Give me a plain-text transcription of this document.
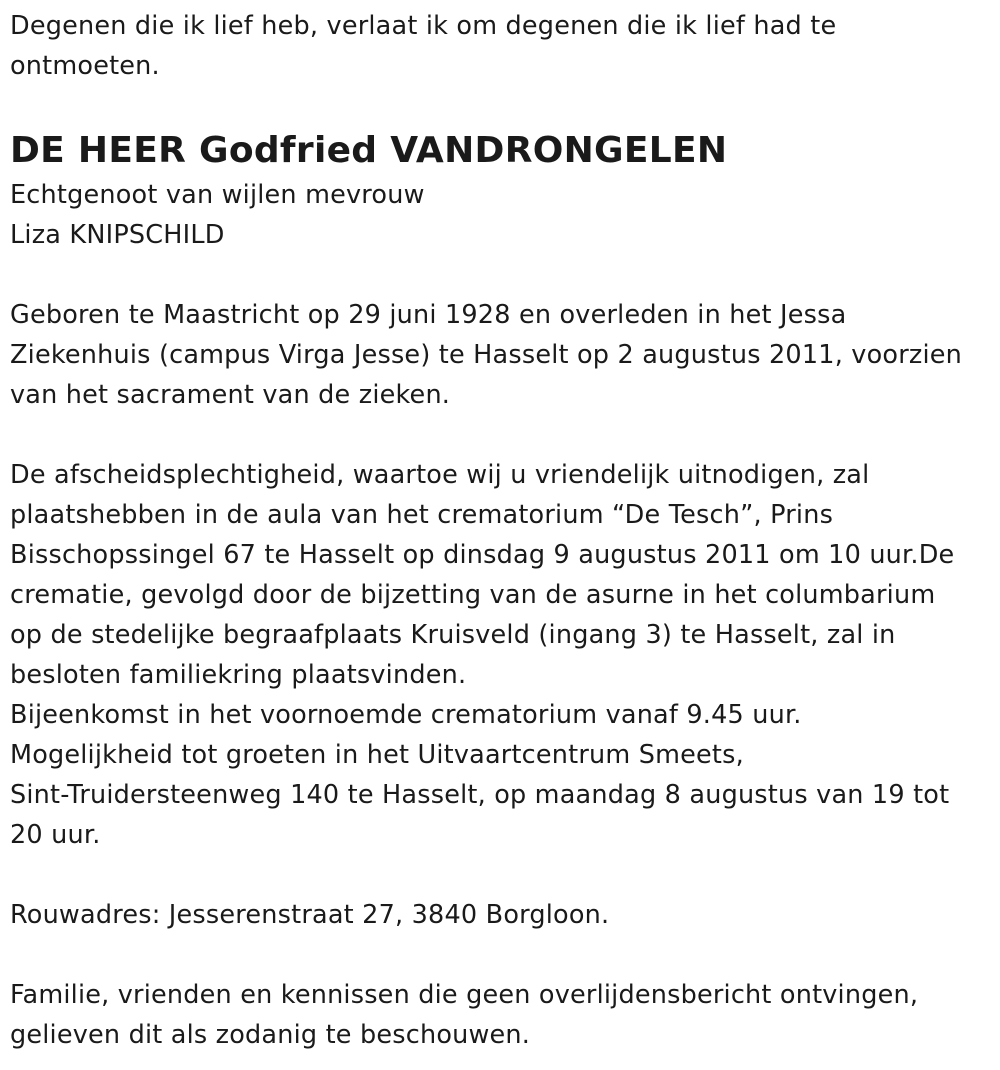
Degenen die ik lief heb, verlaat ik om degenen die ik lief had te

ontmoeten.

DE HEER Godfried VANDRONGELEN

Echtgenoot van wijlen mevrouw

Liza KNIPSCHILD

Geboren te Maastricht op 29 juni 1928 en overleden in het Jessa

Ziekenhuis (campus Virga Jesse) te Hasselt op 2 augustus 2011, voorzien

van het sacrament van de zieken.

De afscheidsplechtigheid, waartoe wij u vriendelijk uitnodigen, zal

plaatshebben in de aula van het crematorium “De Tesch”, Prins

Bisschopssingel 67 te Hasselt op dinsdag 9 augustus 2011 om 10 uur.De

crematie, gevolgd door de bijzetting van de asurne in het columbarium

op de stedelijke begraafplaats Kruisveld (ingang 3) te Hasselt, zal in

besloten familiekring plaatsvinden.

Bijeenkomst in het voornoemde crematorium vanaf 9.45 uur.

Mogelijkheid tot groeten in het Uitvaartcentrum Smeets,

Sint-Truidersteenweg 140 te Hasselt, op maandag 8 augustus van 19 tot

20 uur.

Rouwadres: Jesserenstraat 27, 3840 Borgloon.

Familie, vrienden en kennissen die geen overlijdensbericht ontvingen,

gelieven dit als zodanig te beschouwen.
